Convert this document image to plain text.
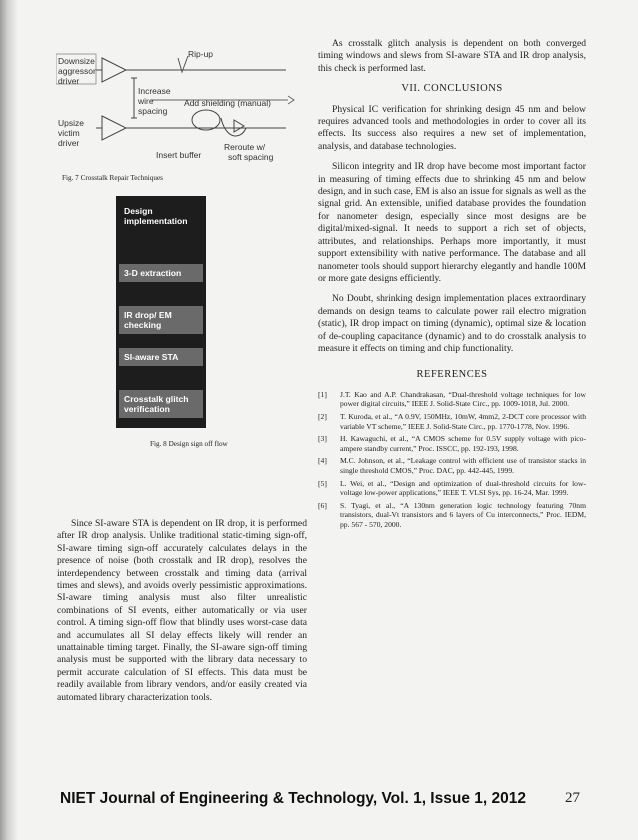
Rip-up
Downsize
aggressor
driver
Increase
wire
spacing
Add shielding (manual)
Upsize
victim
driver
Insert buffer
Reroute w/
soft spacing
Fig. 7 Crosstalk Repair Techniques
Design implementation
3-D extraction
IR drop/ EM checking
SI-aware STA
Crosstalk glitch verification
Fig. 8 Design sign off flow

Since SI-aware STA is dependent on IR drop, it is performed after IR drop analysis. Unlike traditional static-timing sign-off, SI-aware timing sign-off accurately calculates delays in the presence of noise (both crosstalk and IR drop), resolves the interdependency between crosstalk and timing data (arrival times and slews), and avoids overly pessimistic approximations. SI-aware timing analysis must also filter unrealistic combinations of SI events, either automatically or via user control. A timing sign-off flow that blindly uses worst-case data and accumulates all SI delay effects likely will render an unattainable timing target. Finally, the SI-aware sign-off timing analysis must be supported with the library data necessary to permit accurate calculation of SI effects. This data must be readily available from library vendors, and/or easily created via automated library characterization tools.

As crosstalk glitch analysis is dependent on both converged timing windows and slews from SI-aware STA and IR drop analysis, this check is performed last.

VII. CONCLUSIONS

Physical IC verification for shrinking design 45 nm and below requires advanced tools and methodologies in order to cover all its effects. Its success also requires a new set of implementation, analysis, and database technologies.

Silicon integrity and IR drop have become most important factor in measuring of timing effects due to shrinking 45 nm and below design, and in such case, EM is also an issue for signals as well as the signal grid. An extensible, unified database provides the foundation for nanometer design, especially since most designs are be digital/mixed-signal. It needs to support a rich set of objects, attributes, and relationships. Perhaps more importantly, it must support extensibility with native performance. The database and all nanometer tools should support hierarchy elegantly and handle 100M or more gate designs efficiently.

No Doubt, shrinking design implementation places extraordinary demands on design teams to calculate power rail electro migration (static), IR drop impact on timing (dynamic), optimal size & location of de-coupling capacitance (dynamic) and to do crosstalk analysis to measure it effects on timing and chip functionality.

REFERENCES
[1]	J.T. Kao and A.P. Chandrakasan, “Dual-threshold voltage techniques for low power digital circuits,” IEEE J. Solid-State Circ., pp. 1009-1018, Jul. 2000.
[2]	T. Kuroda, et al., “A 0.9V, 150MHz, 10mW, 4mm2, 2-DCT core processor with variable VT scheme,” IEEE J. Solid-State Circ., pp. 1770-1778, Nov. 1996.
[3]	H. Kawaguchi, et al., “A CMOS scheme for 0.5V supply voltage with pico-ampere standby current,” Proc. ISSCC, pp. 192-193, 1998.
[4]	M.C. Johnson, et al., “Leakage control with efficient use of transistor stacks in single threshold CMOS,” Proc. DAC, pp. 442-445, 1999.
[5]	L. Wei, et al., “Design and optimization of dual-threshold circuits for low-voltage low-power applications,” IEEE T. VLSI Sys, pp. 16-24, Mar. 1999.
[6]	S. Tyagi, et al., “A 130nm generation logic technology featuring 70nm transistors, dual-Vt transistors and 6 layers of Cu interconnects,” Proc. IEDM, pp. 567 - 570, 2000.
NIET Journal of Engineering & Technology, Vol. 1, Issue 1, 2012	27
